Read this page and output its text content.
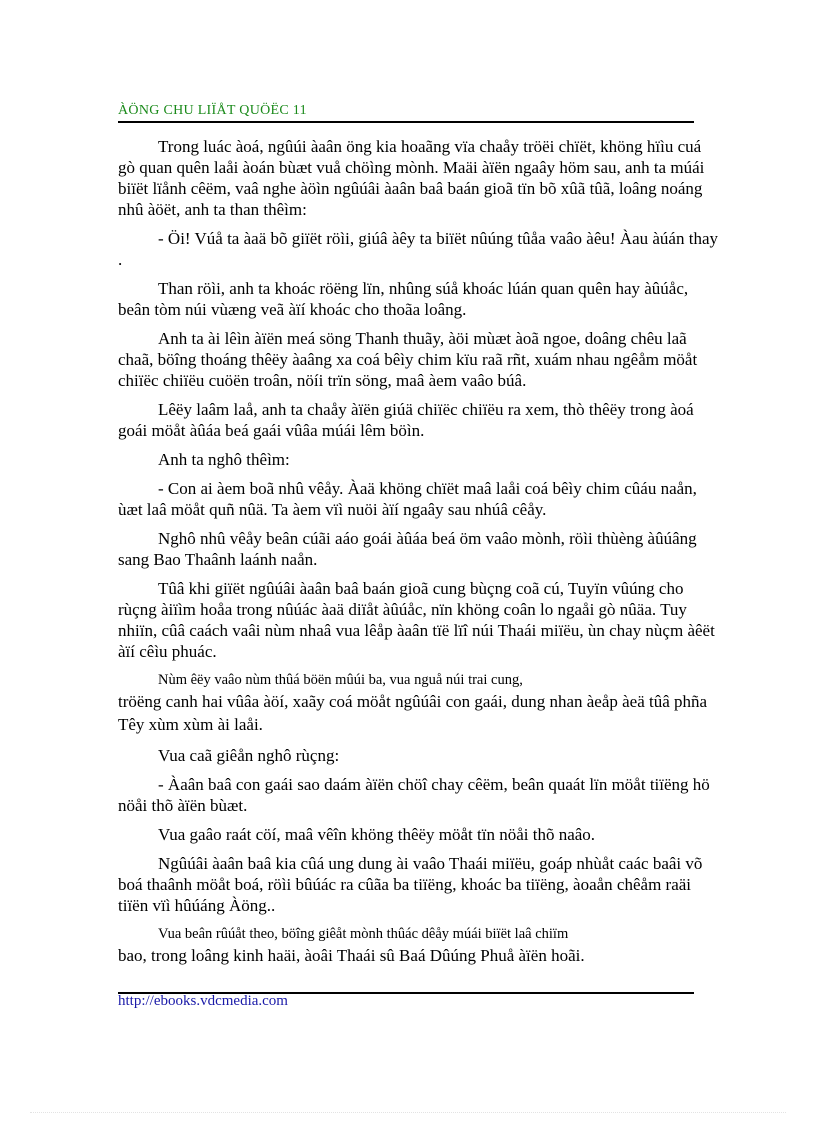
ÀÖNG CHU LIÏÅT QUÖËC 11

Trong luác àoá, ngûúi àaân öng kia hoaãng vïa chaåy tröëi chïët, khöng hïìu cuá gò quan quên laåi àoán bùæt vuå chöìng mònh. Maäi àïën ngaây höm sau, anh ta múái biïët lïånh cêëm, vaâ nghe àöìn ngûúâi àaân baâ baán gioã tïn bõ xûã tûã, loâng noáng nhû àöët, anh ta than thêìm:

- Öi! Vúå ta àaä bõ giïët röìi, giúâ àêy ta biïët nûúng tûåa vaâo àêu! Àau àúán thay .

Than röìi, anh ta khoác röëng lïn, nhûng súå khoác lúán quan quên hay àûúåc, beân tòm núi vùæng veã àïí khoác cho thoãa loâng.

Anh ta ài lêìn àïën meá söng Thanh thuãy, àöi mùæt àoã ngoe, doâng chêu laã chaã, böîng thoáng thêëy àaâng xa coá bêìy chim kïu raã rñt, xuám nhau ngêåm möåt chiïëc chiïëu cuöën troân, nöíi trïn söng, maâ àem vaâo búâ.

Lêëy laâm laå, anh ta chaåy àïën giúä chiïëc chiïëu ra xem, thò thêëy trong àoá goái möåt àûáa beá gaái vûâa múái lêm böìn.

Anh ta nghô thêìm:

- Con ai àem boã nhû vêåy. Àaä khöng chïët maâ laåi coá bêìy chim cûáu naån, ùæt laâ möåt quñ nûä. Ta àem vïì nuöi àïí ngaây sau nhúâ cêåy.

Nghô nhû vêåy beân cúãi aáo goái àûáa beá öm vaâo mònh, röìi thùèng àûúâng sang Bao Thaânh laánh naån.

Tûâ khi giïët ngûúâi àaân baâ baán gioã cung bùçng coã cú, Tuyïn vûúng cho rùçng àiïìm hoåa trong nûúác àaä diïåt àûúåc, nïn khöng coân lo ngaåi gò nûäa. Tuy nhiïn, cûâ caách vaâi nùm nhaâ vua lêåp àaân tïë lïî núi Thaái miïëu, ùn chay nùçm àêët àïí cêìu phuác.

Nùm êëy vaâo nùm thûá böën mûúi ba, vua nguå núi trai cung,
tröëng canh hai vûâa àöí, xaãy coá möåt ngûúâi con gaái, dung nhan àeåp àeä tûâ phña Têy xùm xùm ài laåi.

Vua caã giêån nghô rùçng:

- Àaân baâ con gaái sao daám àïën chöî chay cêëm, beân quaát lïn möåt tiïëng hö nöåi thõ àïën bùæt.

Vua gaâo raát cöí, maâ vêîn khöng thêëy möåt tïn nöåi thõ naâo.

Ngûúâi àaân baâ kia cûá ung dung ài vaâo Thaái miïëu, goáp nhùåt caác baâi võ boá thaânh möåt boá, röìi bûúác ra cûãa ba tiïëng, khoác ba tiïëng, àoaån chêåm raäi tiïën vïì hûúáng Àöng..

Vua beân rûúåt theo, böîng giêåt mònh thûác dêåy múái biïët laâ chiïm
bao, trong loâng kinh haäi, àoâi Thaái sû Baá Dûúng Phuå àïën hoãi.

http://ebooks.vdcmedia.com
